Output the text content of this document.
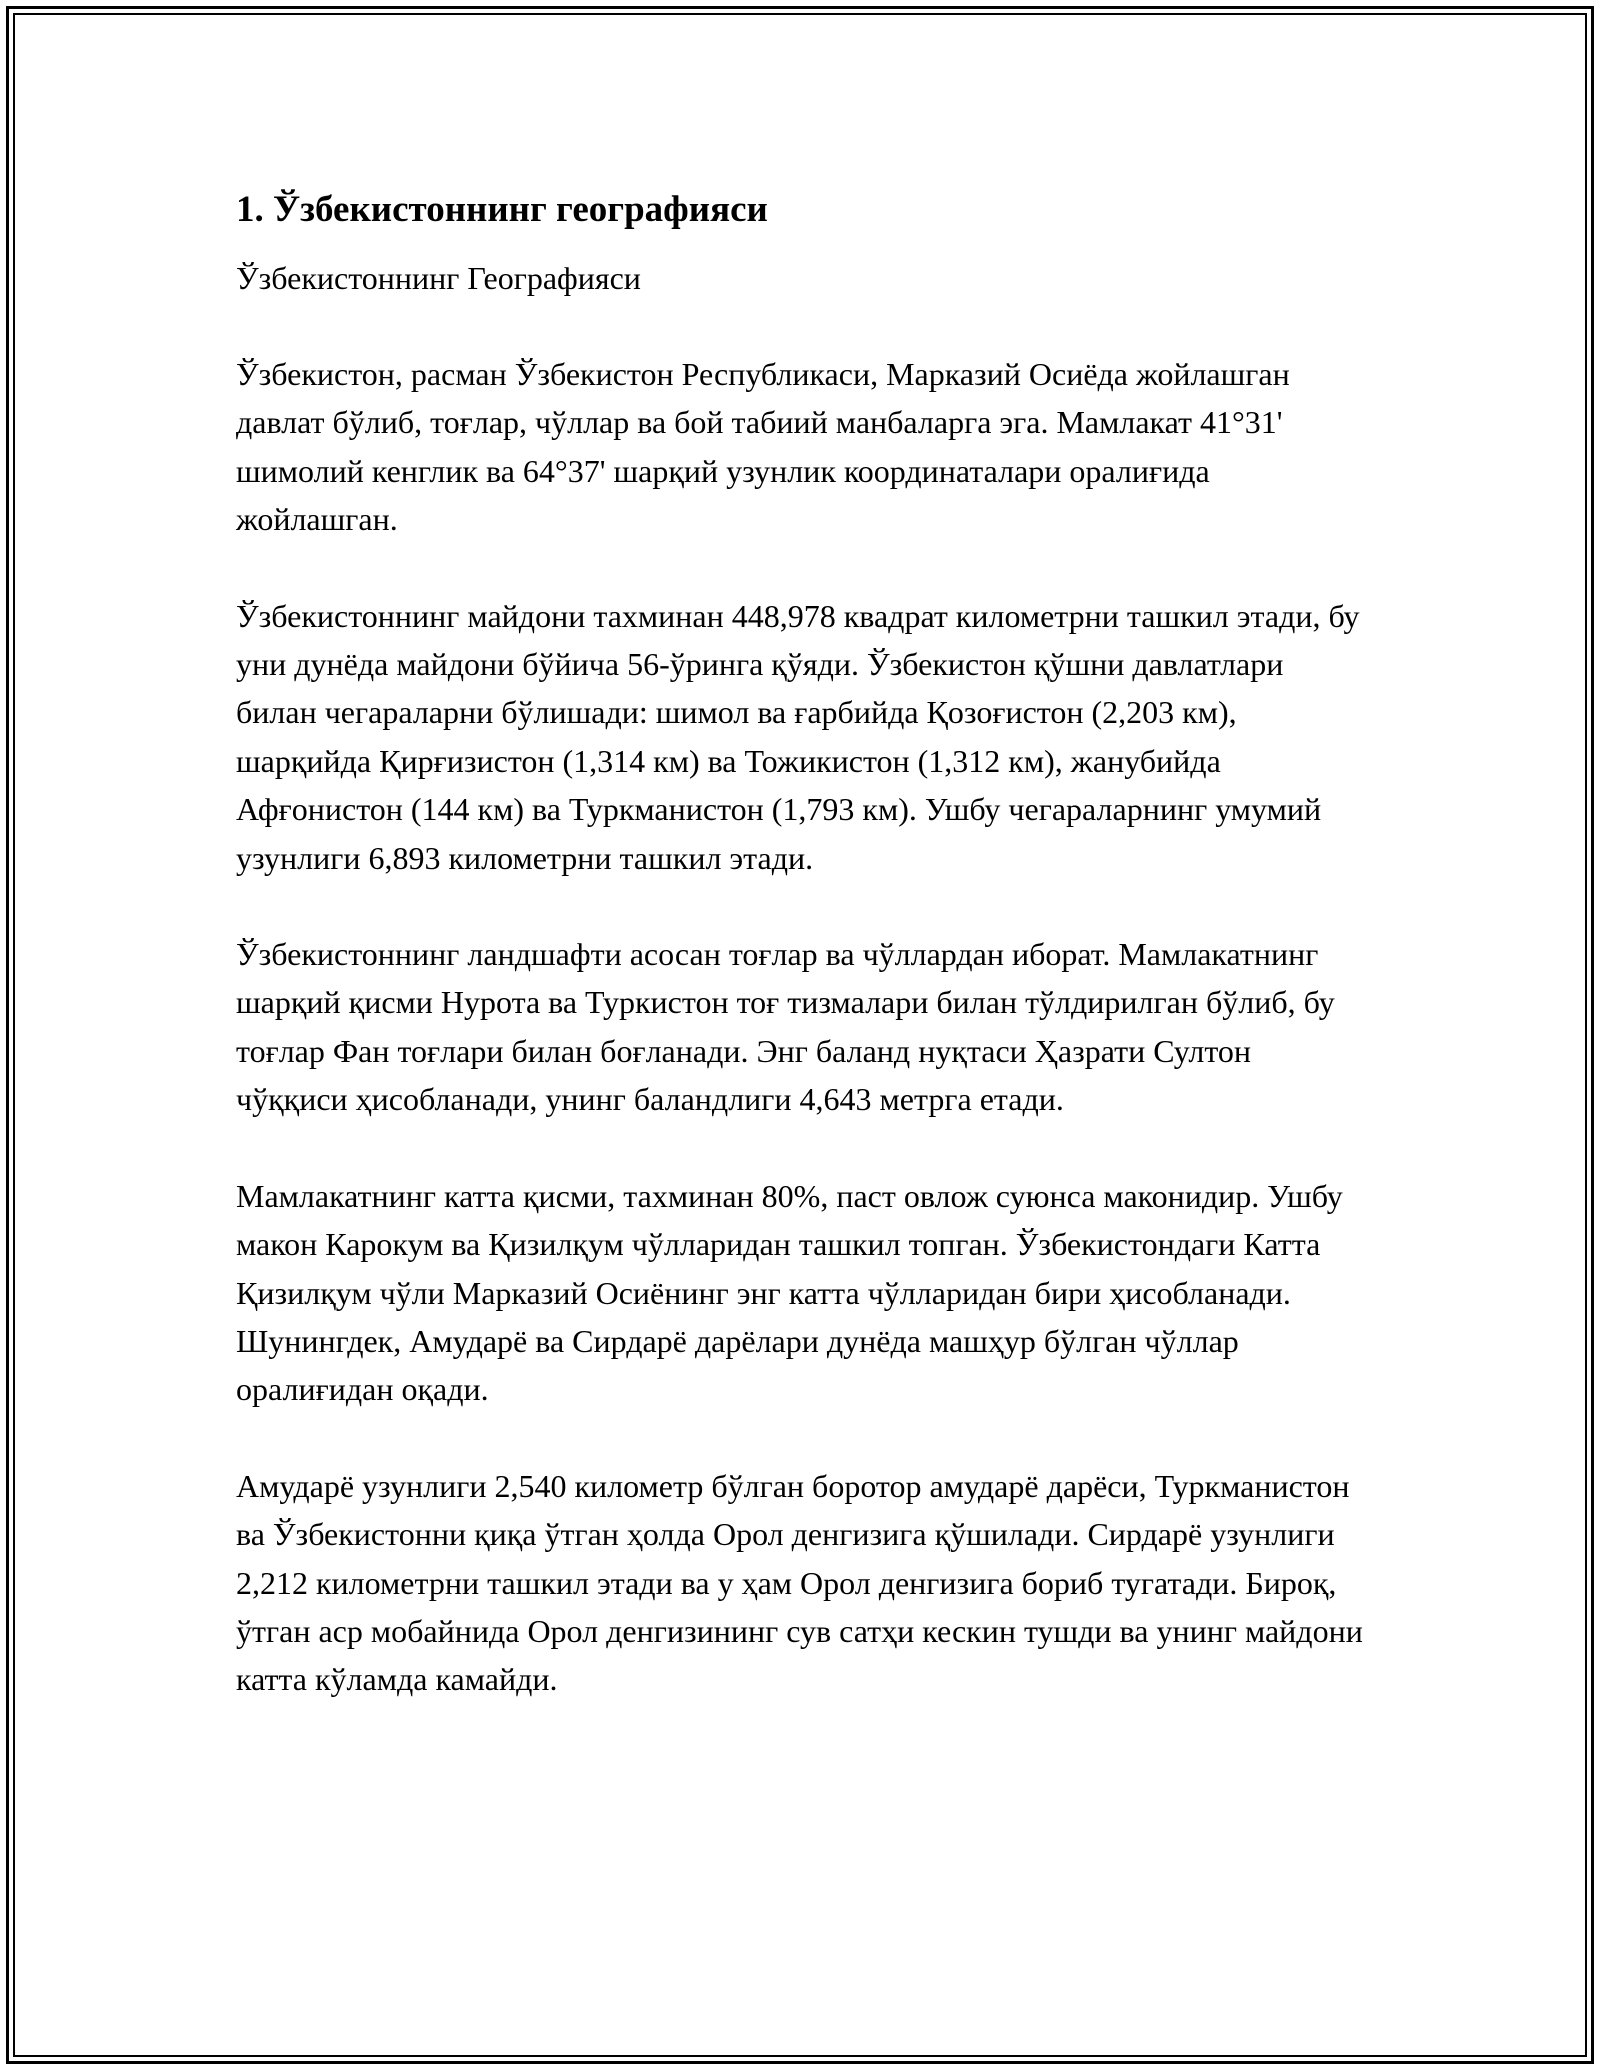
1. Ўзбекистоннинг географияси
Ўзбекистоннинг Географияси

Ўзбекистон, расман Ўзбекистон Республикаси, Марказий Осиёда жойлашган давлат бўлиб, тоғлар, чўллар ва бой табиий манбаларга эга. Мамлакат 41°31' шимолий кенглик ва 64°37' шарқий узунлик координаталари оралиғида жойлашган.

Ўзбекистоннинг майдони тахминан 448,978 квадрат километрни ташкил этади, бу уни дунёда майдони бўйича 56-ўринга қўяди. Ўзбекистон қўшни давлатлари билан чегараларни бўлишади: шимол ва ғарбийда Қозоғистон (2,203 км), шарқийда Қирғизистон (1,314 км) ва Тожикистон (1,312 км), жанубийда Афғонистон (144 км) ва Туркманистон (1,793 км). Ушбу чегараларнинг умумий узунлиги 6,893 километрни ташкил этади.

Ўзбекистоннинг ландшафти асосан тоғлар ва чўллардан иборат. Мамлакатнинг шарқий қисми Нурота ва Туркистон тоғ тизмалари билан тўлдирилган бўлиб, бу тоғлар Фан тоғлари билан боғланади. Энг баланд нуқтаси Ҳазрати Султон чўққиси ҳисобланади, унинг баландлиги 4,643 метрга етади.

Мамлакатнинг катта қисми, тахминан 80%, паст овлож суюнса маконидир. Ушбу макон Карокум ва Қизилқум чўлларидан ташкил топган. Ўзбекистондаги Катта Қизилқум чўли Марказий Осиёнинг энг катта чўлларидан бири ҳисобланади. Шунингдек, Амударё ва Сирдарё дарёлари дунёда машҳур бўлган чўллар оралиғидан оқади.

Амударё узунлиги 2,540 километр бўлган боротор амударё дарёси, Туркманистон ва Ўзбекистонни қиқа ўтган ҳолда Орол денгизига қўшилади. Сирдарё узунлиги 2,212 километрни ташкил этади ва у ҳам Орол денгизига бориб тугатади. Бироқ, ўтган аср мобайнида Орол денгизининг сув сатҳи кескин тушди ва унинг майдони катта кўламда камайди.
